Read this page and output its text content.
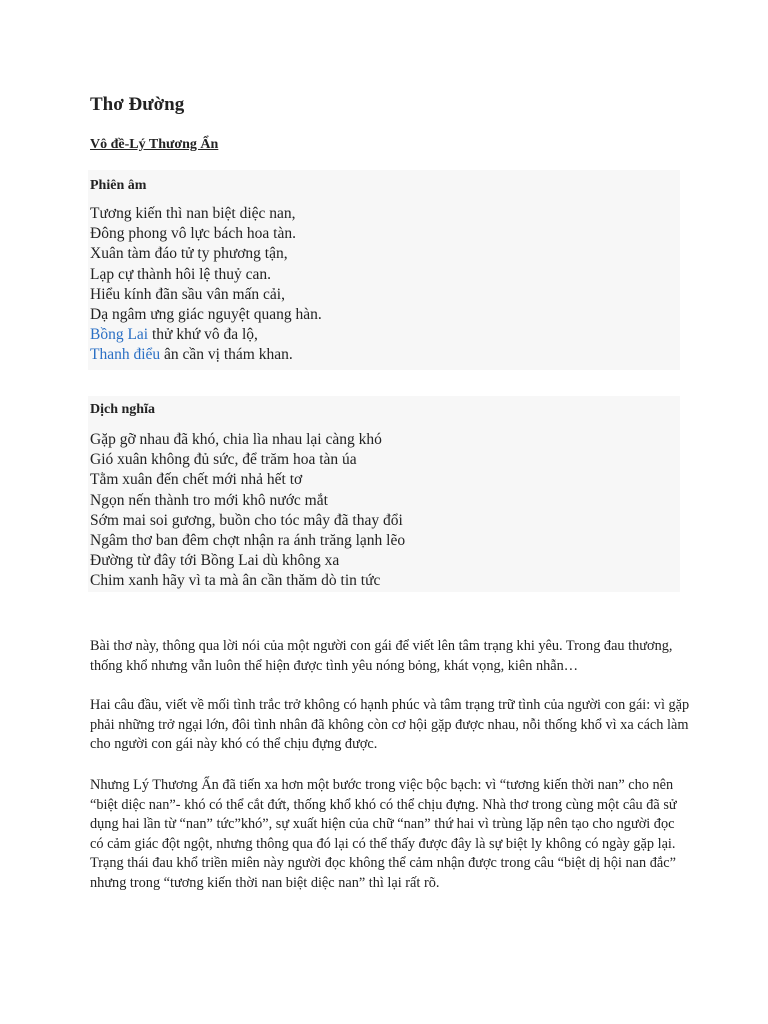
Thơ Đường
Vô đề-Lý Thương Ẩn
Phiên âm
Tương kiến thì nan biệt diệc nan,
Đông phong vô lực bách hoa tàn.
Xuân tàm đáo tử ty phương tận,
Lạp cự thành hôi lệ thuỷ can.
Hiểu kính đãn sầu vân mấn cải,
Dạ ngâm ưng giác nguyệt quang hàn.
Bồng Lai thử khứ vô đa lộ,
Thanh điểu ân cần vị thám khan.
Dịch nghĩa
Gặp gỡ nhau đã khó, chia lìa nhau lại càng khó
Gió xuân không đủ sức, để trăm hoa tàn úa
Tằm xuân đến chết mới nhả hết tơ
Ngọn nến thành tro mới khô nước mắt
Sớm mai soi gương, buồn cho tóc mây đã thay đổi
Ngâm thơ ban đêm chợt nhận ra ánh trăng lạnh lẽo
Đường từ đây tới Bồng Lai dù không xa
Chim xanh hãy vì ta mà ân cần thăm dò tin tức

Bài thơ này, thông qua lời nói của một người con gái để viết lên tâm trạng khi yêu. Trong đau thương, thống khổ nhưng vẫn luôn thể hiện được tình yêu nóng bỏng, khát vọng, kiên nhẫn…

Hai câu đầu, viết về mối tình trắc trở không có hạnh phúc và tâm trạng trữ tình của người con gái: vì gặp phải những trở ngại lớn, đôi tình nhân đã không còn cơ hội gặp được nhau, nỗi thống khổ vì xa cách làm cho người con gái này khó có thể chịu đựng được.

Nhưng Lý Thương Ẩn đã tiến xa hơn một bước trong việc bộc bạch: vì “tương kiến thời nan” cho nên “biệt diệc nan”- khó có thể cắt đứt, thống khổ khó có thể chịu đựng. Nhà thơ trong cùng một câu đã sử dụng hai lần từ “nan” tức”khó”, sự xuất hiện của chữ “nan” thứ hai vì trùng lặp nên tạo cho người đọc có cảm giác đột ngột, nhưng thông qua đó lại có thể thấy được đây là sự biệt ly không có ngày gặp lại. Trạng thái đau khổ triền miên này người đọc không thể cảm nhận được trong câu “biệt dị hội nan đắc” nhưng trong “tương kiến thời nan biệt diệc nan” thì lại rất rõ.
